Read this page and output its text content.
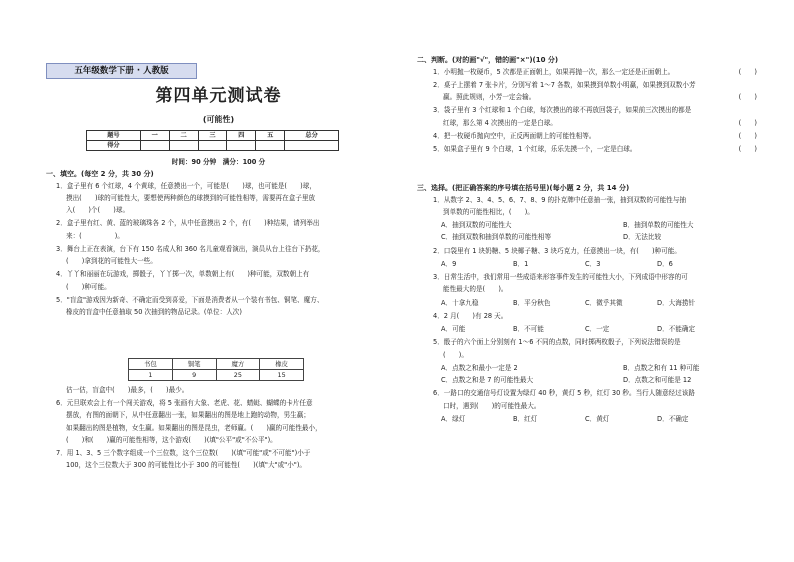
五年级数学下册 · 人教版
第四单元测试卷
(可能性)
题号	一	二	三	四	五	总分
得分						
时间：90 分钟　满分：100 分
一、填空。(每空 2 分，共 30 分)
1．盒子里有 6 个红球，4 个黄球，任意摸出一个，可能是(　　)球，也可能是(　　)球，
摸出(　　)球的可能性大，要想使两种颜色的球摸到的可能性相等，需要再在盒子里放
入(　　)个(　　)球。
2．盒子里有红、黄、蓝的玻璃珠各 2 个，从中任意摸出 2 个，有(　　)种结果，请列举出
来：(　　　　　)。
3．舞台上正在表演，台下有 150 名成人和 360 名儿童观看演出，演员从台上往台下扔花，
(　　)拿到花的可能性大一些。
4．丫丫和丽丽在玩游戏，掷骰子，丫丫掷一次，单数朝上有(　　)种可能，双数朝上有
(　　)种可能。
5．"盲盒"游戏因为新奇、不确定而受到喜爱，下面是消费者从一个装有书包、铜笔、魔方、
橡皮的盲盒中任意抽取 50 次抽到的物品记录。(单位：人次)
书包	铜笔	魔方	橡皮
1	9	25	15
估一估，盲盒中(　　)最多，(　　)最少。
6．元旦联欢会上有一个闯关游戏，将 5 张画有大象、老虎、花、蜻蜓、蝴蝶的卡片任意
摆放，有图的面朝下，从中任意翻出一张，如果翻出的图是地上跑的动物，男生赢；
如果翻出的图是植物，女生赢。如果翻出的图是昆虫，老师赢。(　　)赢的可能性最小，
(　　)和(　　)赢的可能性相等，这个游戏(　　)(填"公平"或"不公平")。
7．用 1、3、5 三个数字组成一个三位数，这个三位数(　　)(填"可能"或"不可能")小于
100，这个三位数大于 300 的可能性比小于 300 的可能性(　　)(填"大"或"小")。
二、判断。(对的画"√"，错的画"×")(10 分)
1．小明抛一枚硬币，5 次都是正面朝上，如果再抛一次，那么一定还是正面朝上。	(　　)
2．桌子上摆着 7 张卡片，分别写着 1～7 各数，如果摸到单数小明赢，如果摸到双数小芳
赢。照此规则，小芳一定会输。	(　　)
3．袋子里有 3 个红球和 1 个白球，每次摸出的球不再放回袋子，如果前三次摸出的都是
红球，那么第 4 次摸出的一定是白球。	(　　)
4．把一枚硬币抛向空中，正反两面朝上的可能性相等。	(　　)
5．如果盒子里有 9 个白球，1 个红球，乐乐先摸一个，一定是白球。	(　　)
三、选择。(把正确答案的序号填在括号里)(每小题 2 分，共 14 分)
1．从数字 2、3、4、5、6、7、8、9 的扑克牌中任意抽一张，抽到双数的可能性与抽
到单数的可能性相比，(　　)。
A．抽到双数的可能性大	B．抽到单数的可能性大
C．抽到双数和抽到单数的可能性相等	D．无法比较
2．口袋里有 1 块奶糖、5 块椰子糖、3 块巧克力，任意摸出一块，有(　　)种可能。
A．9	B．1	C．3	D．6
3．日常生活中，我们常用一些成语来形容事件发生的可能性大小，下列成语中形容的可
能性最大的是(　　)。
A．十拿九稳	B．平分秋色	C．微乎其微	D．大海捞针
4．2 月(　　)有 28 天。
A．可能	B．不可能	C．一定	D．不能确定
5．骰子的六个面上分别刻有 1～6 不同的点数，同时掷两枚骰子，下列说法错误的是
(　　)。
A．点数之和最小一定是 2	B．点数之和有 11 种可能
C．点数之和是 7 的可能性最大	D．点数之和可能是 12
6．一路口的交通信号灯设置为绿灯 40 秒，黄灯 5 秒，红灯 30 秒。当行人随意经过该路
口时，遇到(　　)的可能性最大。
A．绿灯	B．红灯	C．黄灯	D．不确定
